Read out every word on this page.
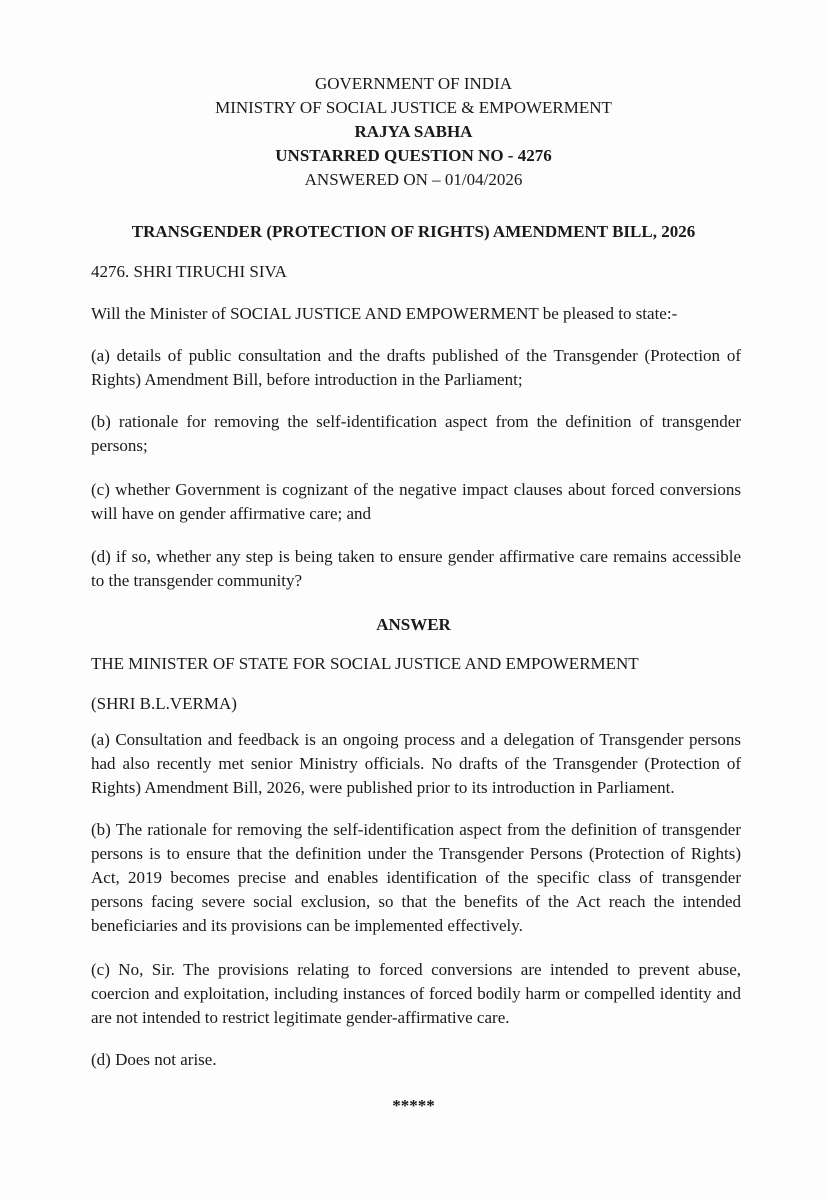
GOVERNMENT OF INDIA
MINISTRY OF SOCIAL JUSTICE & EMPOWERMENT
RAJYA SABHA
UNSTARRED QUESTION NO - 4276
ANSWERED ON – 01/04/2026
TRANSGENDER (PROTECTION OF RIGHTS) AMENDMENT BILL, 2026
4276. SHRI TIRUCHI SIVA
Will the Minister of SOCIAL JUSTICE AND EMPOWERMENT be pleased to state:-
(a) details of public consultation and the drafts published of the Transgender (Protection of Rights) Amendment Bill, before introduction in the Parliament;
(b) rationale for removing the self-identification aspect from the definition of transgender persons;
(c) whether Government is cognizant of the negative impact clauses about forced conversions will have on gender affirmative care; and
(d) if so, whether any step is being taken to ensure gender affirmative care remains accessible to the transgender community?
ANSWER
THE MINISTER OF STATE FOR SOCIAL JUSTICE AND EMPOWERMENT
(SHRI B.L.VERMA)
(a) Consultation and feedback is an ongoing process and a delegation of Transgender persons had also recently met senior Ministry officials. No drafts of the Transgender (Protection of Rights) Amendment Bill, 2026, were published prior to its introduction in Parliament.
(b) The rationale for removing the self-identification aspect from the definition of transgender persons is to ensure that the definition under the Transgender Persons (Protection of Rights) Act, 2019 becomes precise and enables identification of the specific class of transgender persons facing severe social exclusion, so that the benefits of the Act reach the intended beneficiaries and its provisions can be implemented effectively.
(c) No, Sir. The provisions relating to forced conversions are intended to prevent abuse, coercion and exploitation, including instances of forced bodily harm or compelled identity and are not intended to restrict legitimate gender-affirmative care.
(d) Does not arise.
*****
